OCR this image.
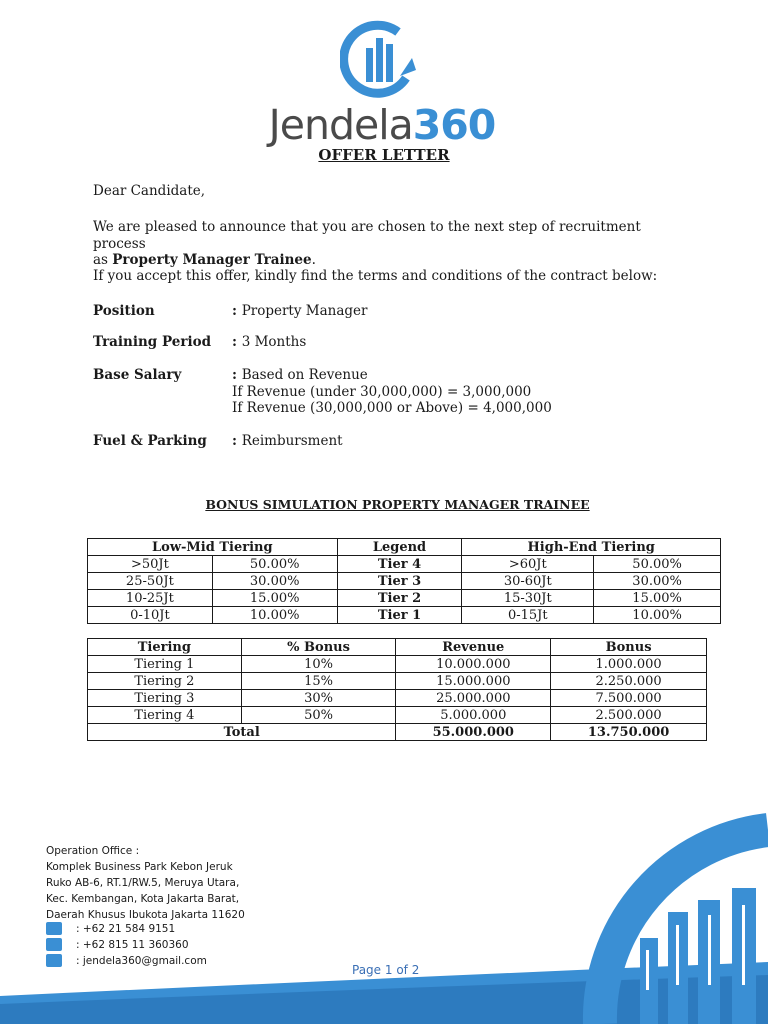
Jendela360
OFFER LETTER
Dear Candidate,
We are pleased to announce that you are chosen to the next step of recruitment process
as Property Manager Trainee.
If you accept this offer, kindly find the terms and conditions of the contract below:
Position	: Property Manager
Training Period : 3 Months
Base Salary	: Based on Revenue
If Revenue (under 30,000,000) = 3,000,000
If Revenue (30,000,000 or Above) = 4,000,000
Fuel & Parking : Reimbursment
BONUS SIMULATION PROPERTY MANAGER TRAINEE
Low-Mid Tiering		Legend	High-End Tiering	
>50Jt	50.00%	Tier 4	>60Jt	50.00%
25-50Jt	30.00%	Tier 3	30-60Jt	30.00%
10-25Jt	15.00%	Tier 2	15-30Jt	15.00%
0-10Jt	10.00%	Tier 1	0-15Jt	10.00%
Tiering	% Bonus	Revenue	Bonus
Tiering 1	10%	10.000.000	1.000.000
Tiering 2	15%	15.000.000	2.250.000
Tiering 3	30%	25.000.000	7.500.000
Tiering 4	50%	5.000.000	2.500.000
Total		55.000.000	13.750.000
Operation Office :
Komplek Business Park Kebon Jeruk
Ruko AB-6, RT.1/RW.5, Meruya Utara,
Kec. Kembangan, Kota Jakarta Barat,
Daerah Khusus Ibukota Jakarta 11620
: +62 21 584 9151
: +62 815 11 360360
: jendela360@gmail.com
Page 1 of 2
